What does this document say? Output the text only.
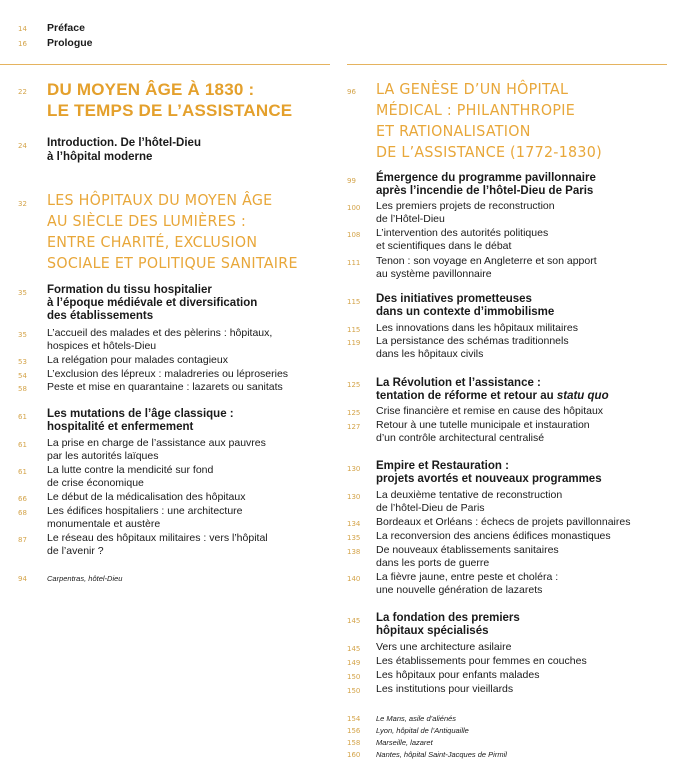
14 Préface
16 Prologue
22 DU MOYEN ÂGE À 1830 :
LE TEMPS DE L’ASSISTANCE
24 Introduction. De l’hôtel-Dieu
à l’hôpital moderne
32 LES HÔPITAUX DU MOYEN ÂGE
AU SIÈCLE DES LUMIÈRES :
ENTRE CHARITÉ, EXCLUSION
SOCIALE ET POLITIQUE SANITAIRE
35 Formation du tissu hospitalier
à l’époque médiévale et diversification
des établissements
35 L’accueil des malades et des pèlerins : hôpitaux,
hospices et hôtels-Dieu
53 La relégation pour malades contagieux
54 L’exclusion des lépreux : maladreries ou léproseries
58 Peste et mise en quarantaine : lazarets ou sanitats
61 Les mutations de l’âge classique :
hospitalité et enfermement
61 La prise en charge de l’assistance aux pauvres
par les autorités laïques
61 La lutte contre la mendicité sur fond
de crise économique
66 Le début de la médicalisation des hôpitaux
68 Les édifices hospitaliers : une architecture
monumentale et austère
87 Le réseau des hôpitaux militaires : vers l’hôpital
de l’avenir ?
94	Carpentras, hôtel-Dieu
96 LA GENÈSE D’UN HÔPITAL
MÉDICAL : PHILANTHROPIE
ET RATIONALISATION
DE L’ASSISTANCE (1772-1830)
99 Émergence du programme pavillonnaire
après l’incendie de l’hôtel-Dieu de Paris
100 Les premiers projets de reconstruction
de l’Hôtel-Dieu
108 L’intervention des autorités politiques
et scientifiques dans le débat
111 Tenon : son voyage en Angleterre et son apport
au système pavillonnaire
115 Des initiatives prometteuses
dans un contexte d’immobilisme
115 Les innovations dans les hôpitaux militaires
119 La persistance des schémas traditionnels
dans les hôpitaux civils
125 La Révolution et l’assistance :
tentation de réforme et retour au statu quo
125 Crise financière et remise en cause des hôpitaux
127 Retour à une tutelle municipale et instauration
d’un contrôle architectural centralisé
130 Empire et Restauration :
projets avortés et nouveaux programmes
130 La deuxième tentative de reconstruction
de l’hôtel-Dieu de Paris
134 Bordeaux et Orléans : échecs de projets pavillonnaires
135 La reconversion des anciens édifices monastiques
138 De nouveaux établissements sanitaires
dans les ports de guerre
140 La fièvre jaune, entre peste et choléra :
une nouvelle génération de lazarets
145 La fondation des premiers
hôpitaux spécialisés
145 Vers une architecture asilaire
149 Les établissements pour femmes en couches
150 Les hôpitaux pour enfants malades
150 Les institutions pour vieillards
154 Le Mans, asile d’aliénés
156 Lyon, hôpital de l’Antiquaille
158 Marseille, lazaret
160 Nantes, hôpital Saint-Jacques de Pirmil
